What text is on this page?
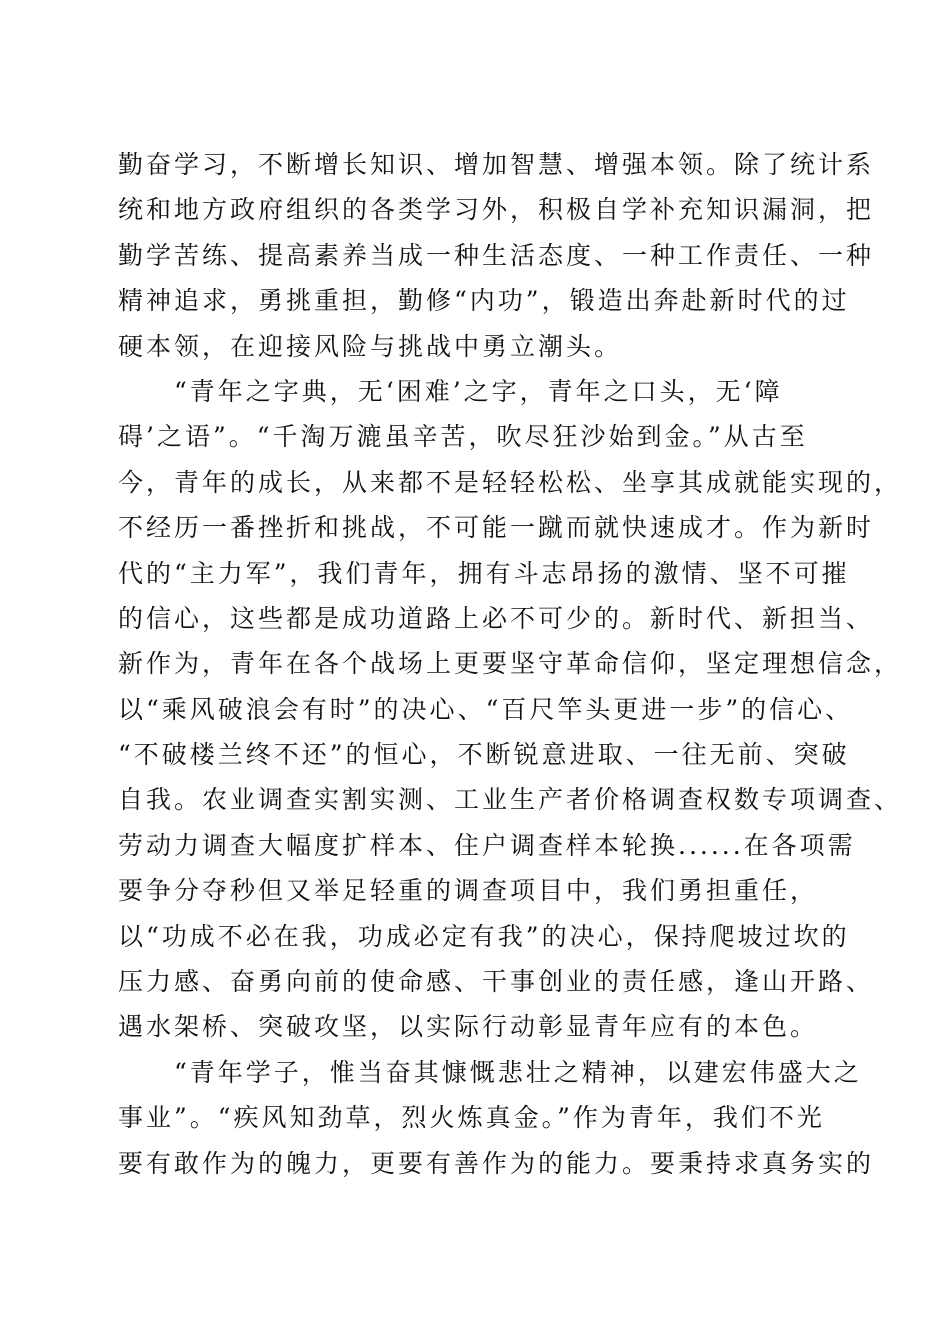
勤奋学习，不断增长知识、增加智慧、增强本领。除了统计系
统和地方政府组织的各类学习外，积极自学补充知识漏洞，把
勤学苦练、提高素养当成一种生活态度、一种工作责任、一种
精神追求，勇挑重担，勤修“内功”，锻造出奔赴新时代的过
硬本领，在迎接风险与挑战中勇立潮头。
“青年之字典，无‘困难’之字，青年之口头，无‘障
碍’之语”。“千淘万漉虽辛苦，吹尽狂沙始到金。”从古至
今，青年的成长，从来都不是轻轻松松、坐享其成就能实现的，
不经历一番挫折和挑战，不可能一蹴而就快速成才。作为新时
代的“主力军”，我们青年，拥有斗志昂扬的激情、坚不可摧
的信心，这些都是成功道路上必不可少的。新时代、新担当、
新作为，青年在各个战场上更要坚守革命信仰，坚定理想信念，
以“乘风破浪会有时”的决心、“百尺竿头更进一步”的信心、
“不破楼兰终不还”的恒心，不断锐意进取、一往无前、突破
自我。农业调查实割实测、工业生产者价格调查权数专项调查、
劳动力调查大幅度扩样本、住户调查样本轮换......在各项需
要争分夺秒但又举足轻重的调查项目中，我们勇担重任，
以“功成不必在我，功成必定有我”的决心，保持爬坡过坎的
压力感、奋勇向前的使命感、干事创业的责任感，逢山开路、
遇水架桥、突破攻坚，以实际行动彰显青年应有的本色。
“青年学子，惟当奋其慷慨悲壮之精神，以建宏伟盛大之
事业”。“疾风知劲草，烈火炼真金。”作为青年，我们不光
要有敢作为的魄力，更要有善作为的能力。要秉持求真务实的
